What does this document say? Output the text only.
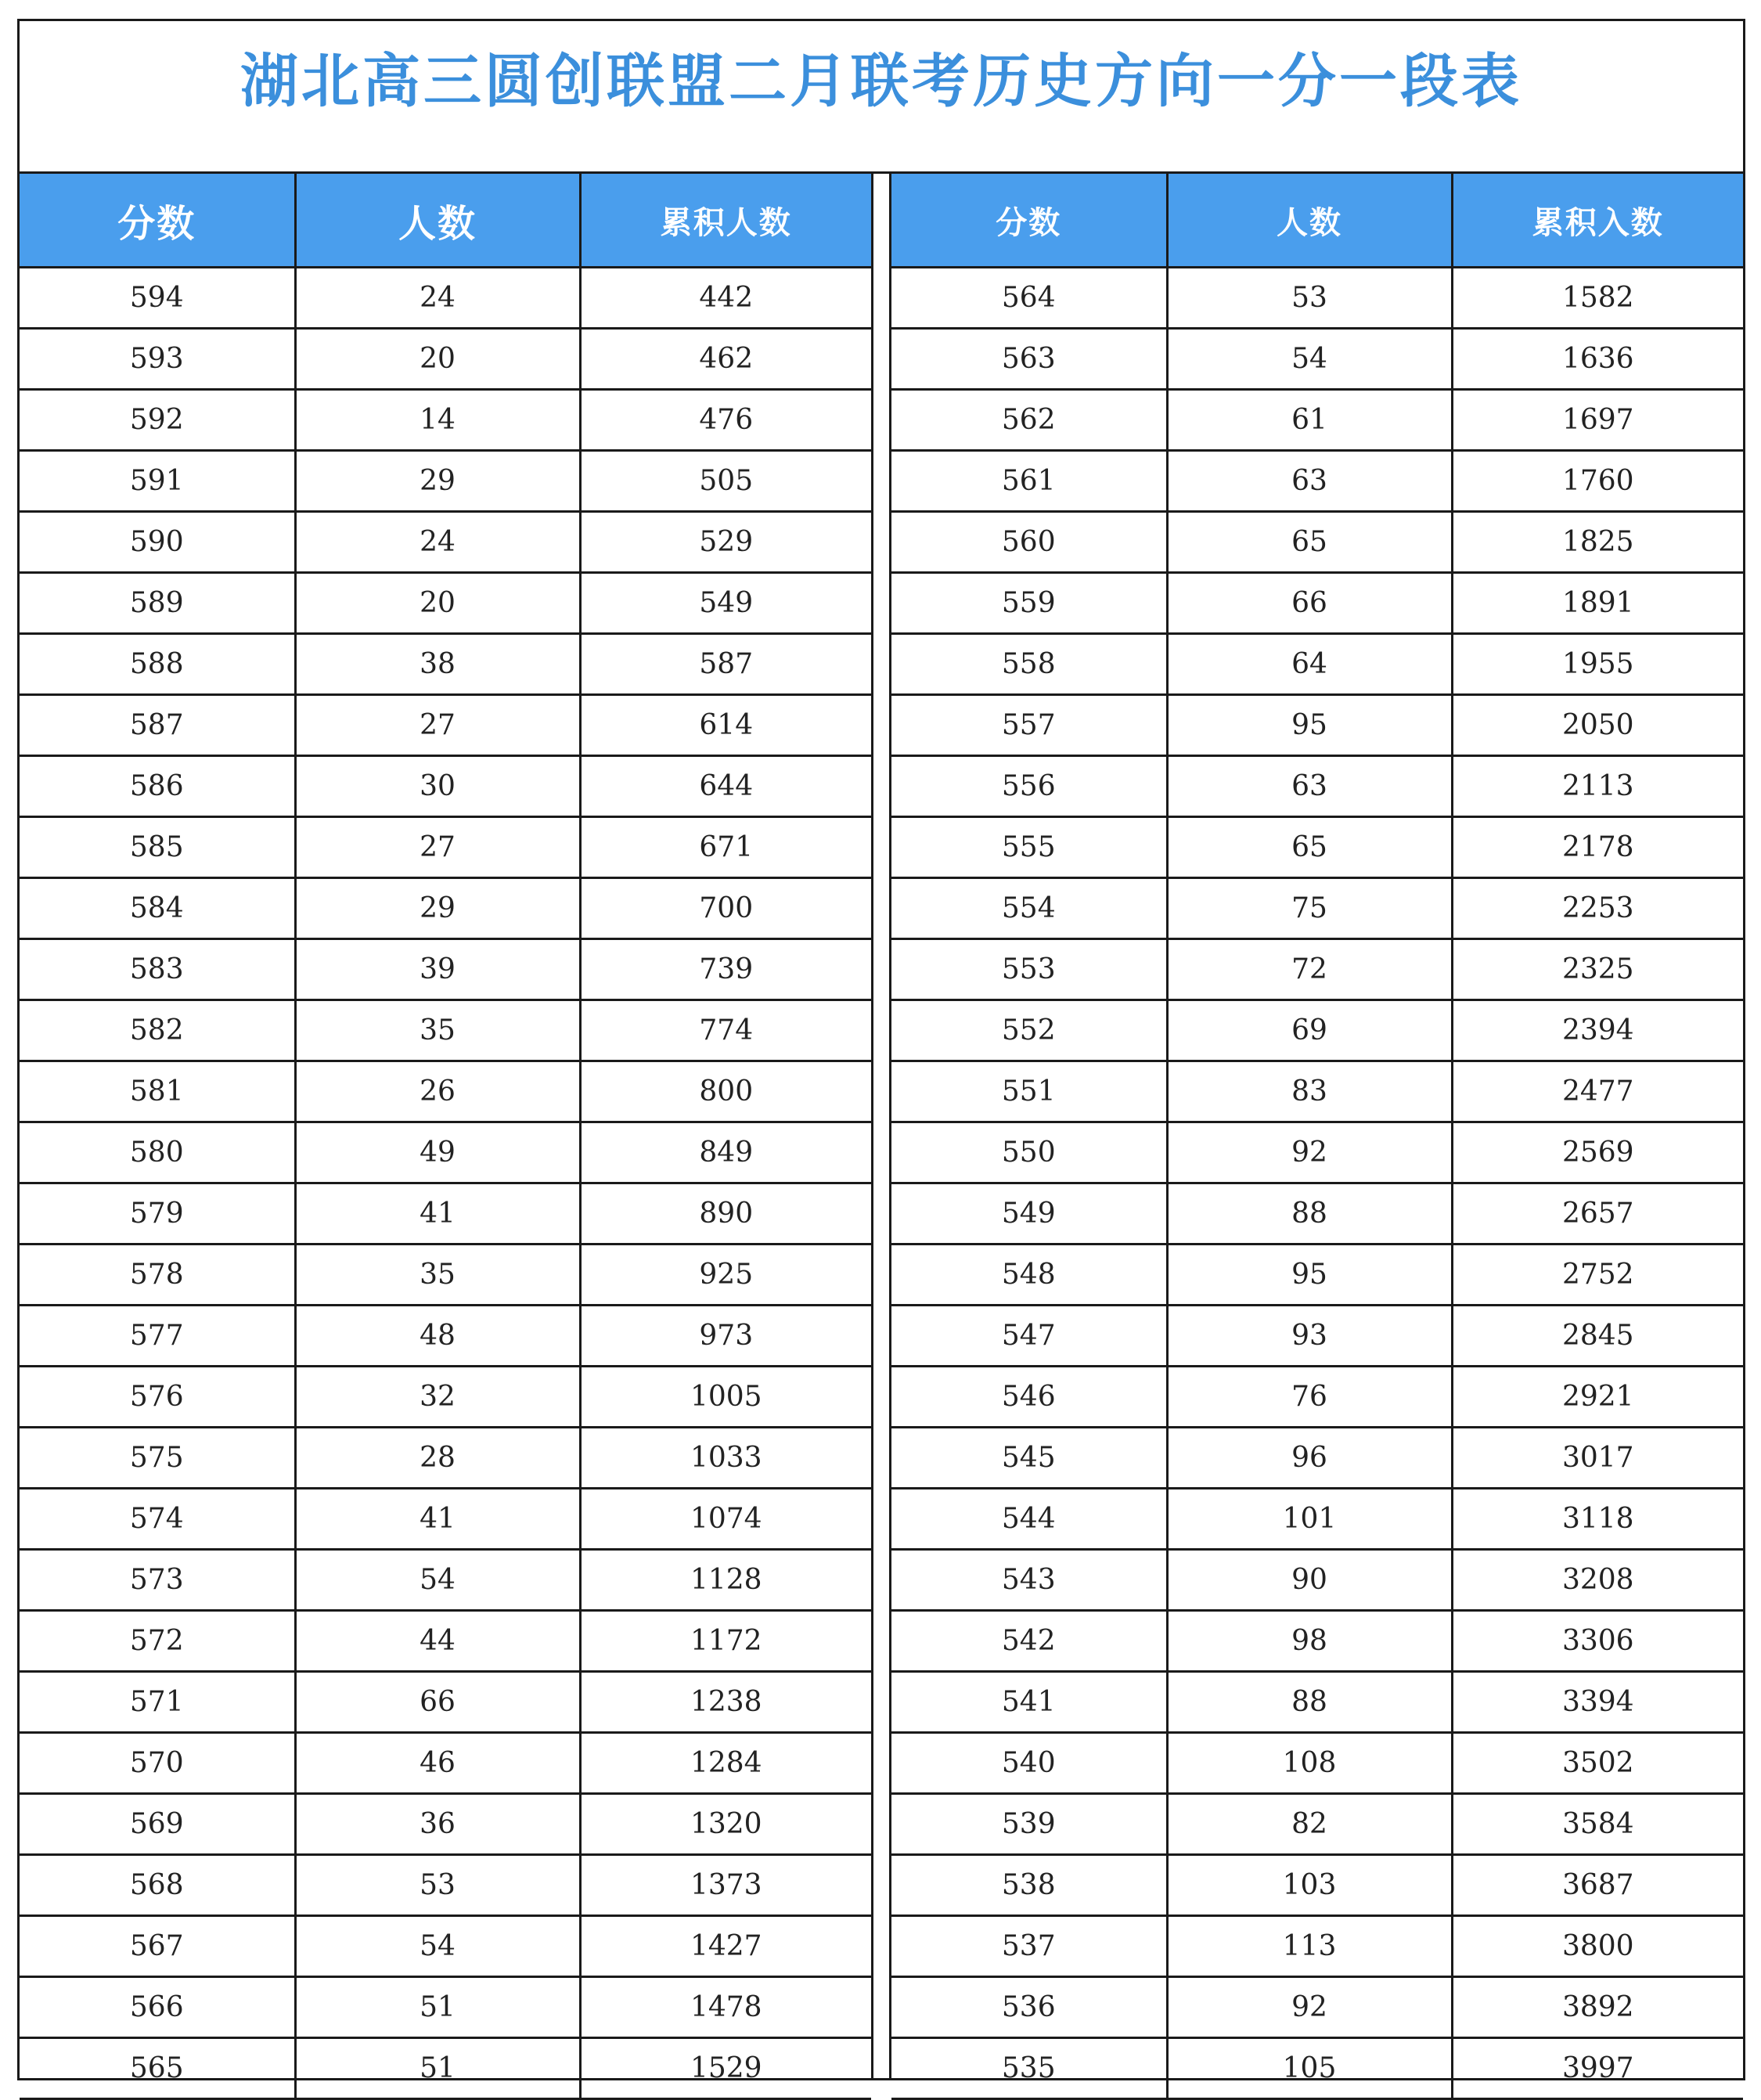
湖北高三圆创联盟二月联考历史方向一分一段表
分数	人数	累积人数
594	24	442
593	20	462
592	14	476
591	29	505
590	24	529
589	20	549
588	38	587
587	27	614
586	30	644
585	27	671
584	29	700
583	39	739
582	35	774
581	26	800
580	49	849
579	41	890
578	35	925
577	48	973
576	32	1005
575	28	1033
574	41	1074
573	54	1128
572	44	1172
571	66	1238
570	46	1284
569	36	1320
568	53	1373
567	54	1427
566	51	1478
565	51	1529
分数	人数	累积入数
564	53	1582
563	54	1636
562	61	1697
561	63	1760
560	65	1825
559	66	1891
558	64	1955
557	95	2050
556	63	2113
555	65	2178
554	75	2253
553	72	2325
552	69	2394
551	83	2477
550	92	2569
549	88	2657
548	95	2752
547	93	2845
546	76	2921
545	96	3017
544	101	3118
543	90	3208
542	98	3306
541	88	3394
540	108	3502
539	82	3584
538	103	3687
537	113	3800
536	92	3892
535	105	3997
